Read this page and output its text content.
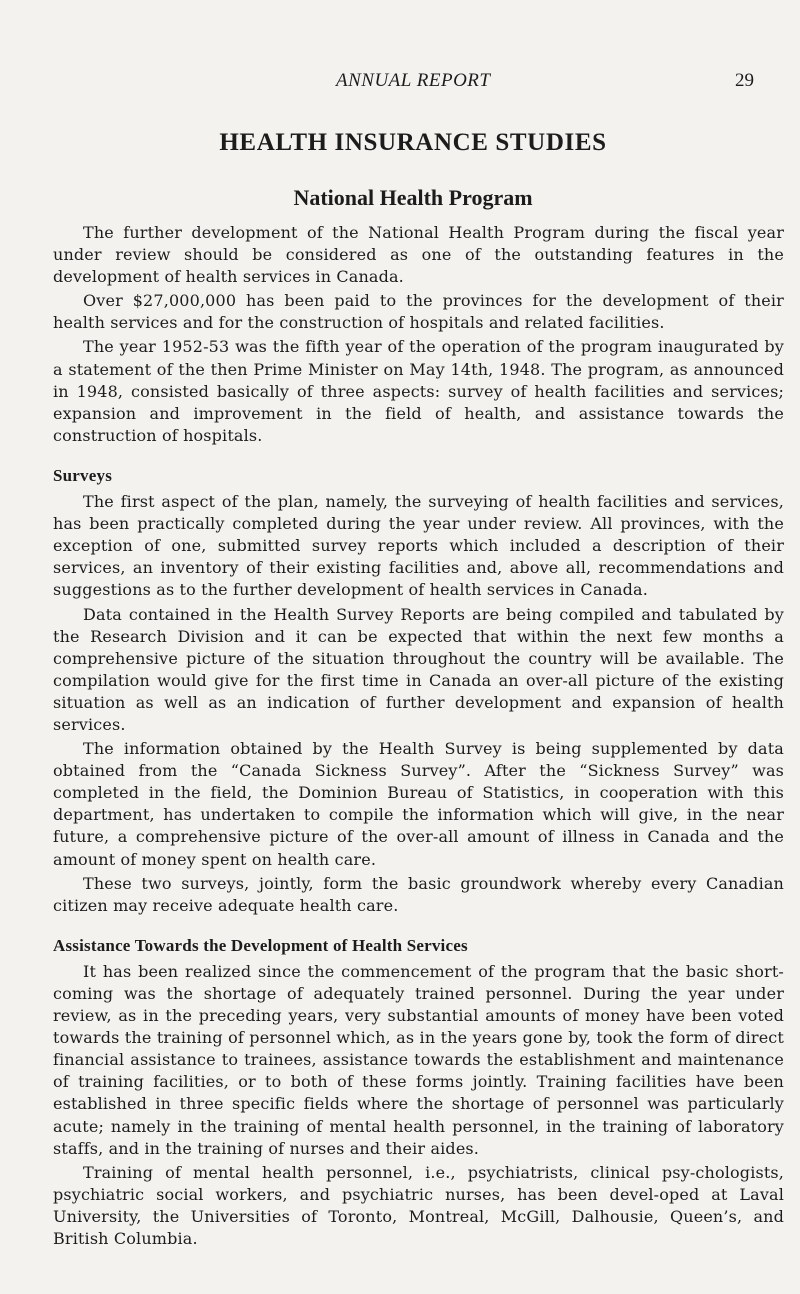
ANNUAL REPORT	29
HEALTH INSURANCE STUDIES
National Health Program

The further development of the National Health Program during the fiscal year under review should be considered as one of the outstanding features in the development of health services in Canada.

Over $27,000,000 has been paid to the provinces for the development of their health services and for the construction of hospitals and related facilities.

The year 1952-53 was the fifth year of the operation of the program inaugurated by a statement of the then Prime Minister on May 14th, 1948. The program, as announced in 1948, consisted basically of three aspects: survey of health facilities and services; expansion and improvement in the field of health, and assistance towards the construction of hospitals.

Surveys

The first aspect of the plan, namely, the surveying of health facilities and services, has been practically completed during the year under review. All provinces, with the exception of one, submitted survey reports which included a description of their services, an inventory of their existing facilities and, above all, recommendations and suggestions as to the further development of health services in Canada.

Data contained in the Health Survey Reports are being compiled and tabulated by the Research Division and it can be expected that within the next few months a comprehensive picture of the situation throughout the country will be available. The compilation would give for the first time in Canada an over-all picture of the existing situation as well as an indication of further development and expansion of health services.

The information obtained by the Health Survey is being supplemented by data obtained from the “Canada Sickness Survey”. After the “Sickness Survey” was completed in the field, the Dominion Bureau of Statistics, in cooperation with this department, has undertaken to compile the information which will give, in the near future, a comprehensive picture of the over-all amount of illness in Canada and the amount of money spent on health care.

These two surveys, jointly, form the basic groundwork whereby every Canadian citizen may receive adequate health care.

Assistance Towards the Development of Health Services

It has been realized since the commencement of the program that the basic short-coming was the shortage of adequately trained personnel. During the year under review, as in the preceding years, very substantial amounts of money have been voted towards the training of personnel which, as in the years gone by, took the form of direct financial assistance to trainees, assistance towards the establishment and maintenance of training facilities, or to both of these forms jointly. Training facilities have been established in three specific fields where the shortage of personnel was particularly acute; namely in the training of mental health personnel, in the training of laboratory staffs, and in the training of nurses and their aides.

Training of mental health personnel, i.e., psychiatrists, clinical psy-chologists, psychiatric social workers, and psychiatric nurses, has been devel-oped at Laval University, the Universities of Toronto, Montreal, McGill, Dalhousie, Queen’s, and British Columbia.
